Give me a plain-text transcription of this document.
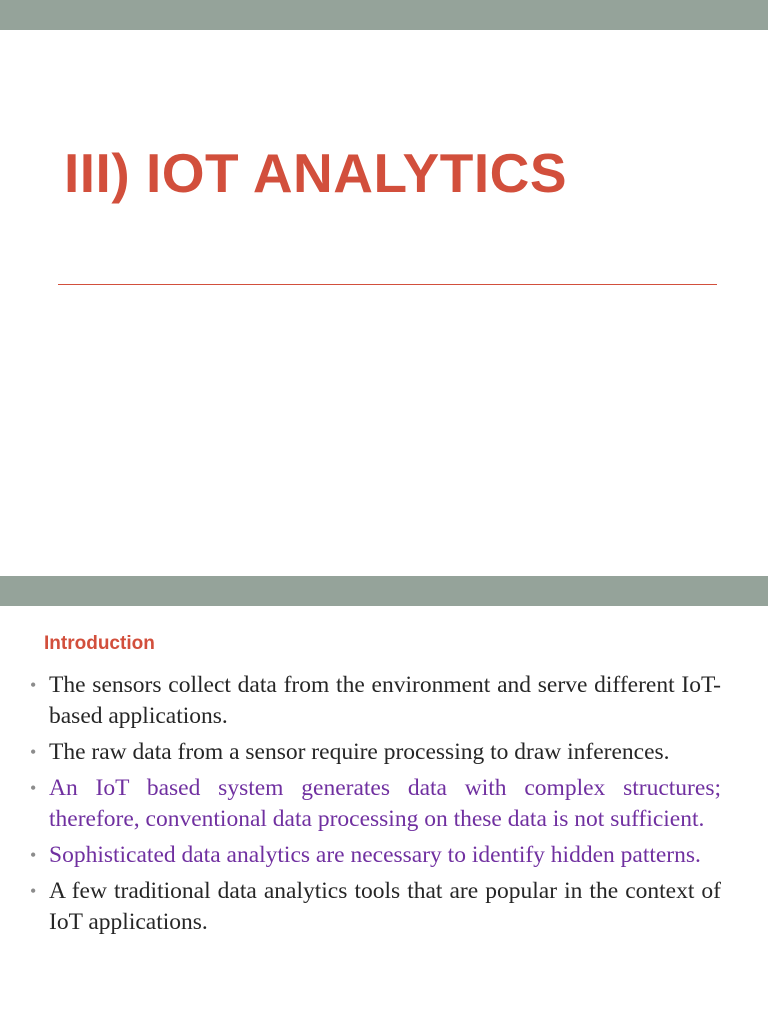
III) IOT ANALYTICS
Introduction
• The sensors collect data from the environment and serve different IoT-based applications.
• The raw data from a sensor require processing to draw inferences.
• An IoT based system generates data with complex structures; therefore, conventional data processing on these data is not sufficient.
• Sophisticated data analytics are necessary to identify hidden patterns.
• A few traditional data analytics tools that are popular in the context of IoT applications.
